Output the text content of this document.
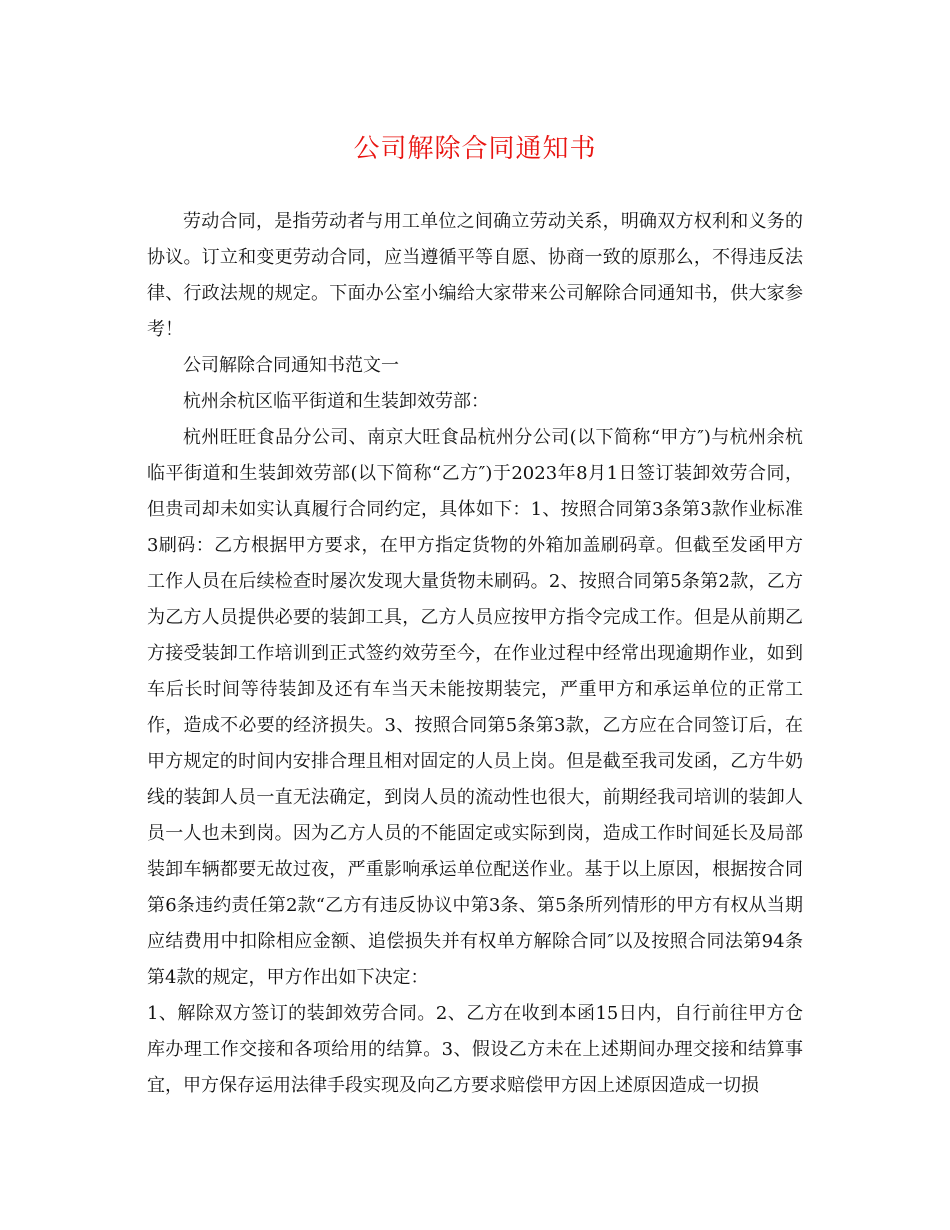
公司解除合同通知书

劳动合同，是指劳动者与用工单位之间确立劳动关系，明确双方权利和义务的协议。订立和变更劳动合同，应当遵循平等自愿、协商一致的原那么，不得违反法律、行政法规的规定。下面办公室小编给大家带来公司解除合同通知书，供大家参考！

公司解除合同通知书范文一

杭州余杭区临平街道和生装卸效劳部：

杭州旺旺食品分公司、南京大旺食品杭州分公司(以下简称“甲方″)与杭州余杭临平街道和生装卸效劳部(以下简称“乙方″)于2023年8月1日签订装卸效劳合同，但贵司却未如实认真履行合同约定，具体如下：1、按照合同第3条第3款作业标准3刷码：乙方根据甲方要求，在甲方指定货物的外箱加盖刷码章。但截至发函甲方工作人员在后续检查时屡次发现大量货物未刷码。2、按照合同第5条第2款，乙方为乙方人员提供必要的装卸工具，乙方人员应按甲方指令完成工作。但是从前期乙方接受装卸工作培训到正式签约效劳至今，在作业过程中经常出现逾期作业，如到车后长时间等待装卸及还有车当天未能按期装完，严重甲方和承运单位的正常工作，造成不必要的经济损失。3、按照合同第5条第3款，乙方应在合同签订后，在甲方规定的时间内安排合理且相对固定的人员上岗。但是截至我司发函，乙方牛奶线的装卸人员一直无法确定，到岗人员的流动性也很大，前期经我司培训的装卸人员一人也未到岗。因为乙方人员的不能固定或实际到岗，造成工作时间延长及局部装卸车辆都要无故过夜，严重影响承运单位配送作业。基于以上原因，根据按合同第6条违约责任第2款“乙方有违反协议中第3条、第5条所列情形的甲方有权从当期应结费用中扣除相应金额、追偿损失并有权单方解除合同″以及按照合同法第94条第4款的规定，甲方作出如下决定：

1、解除双方签订的装卸效劳合同。2、乙方在收到本函15日内，自行前往甲方仓库办理工作交接和各项给用的结算。3、假设乙方未在上述期间办理交接和结算事宜，甲方保存运用法律手段实现及向乙方要求赔偿甲方因上述原因造成一切损
